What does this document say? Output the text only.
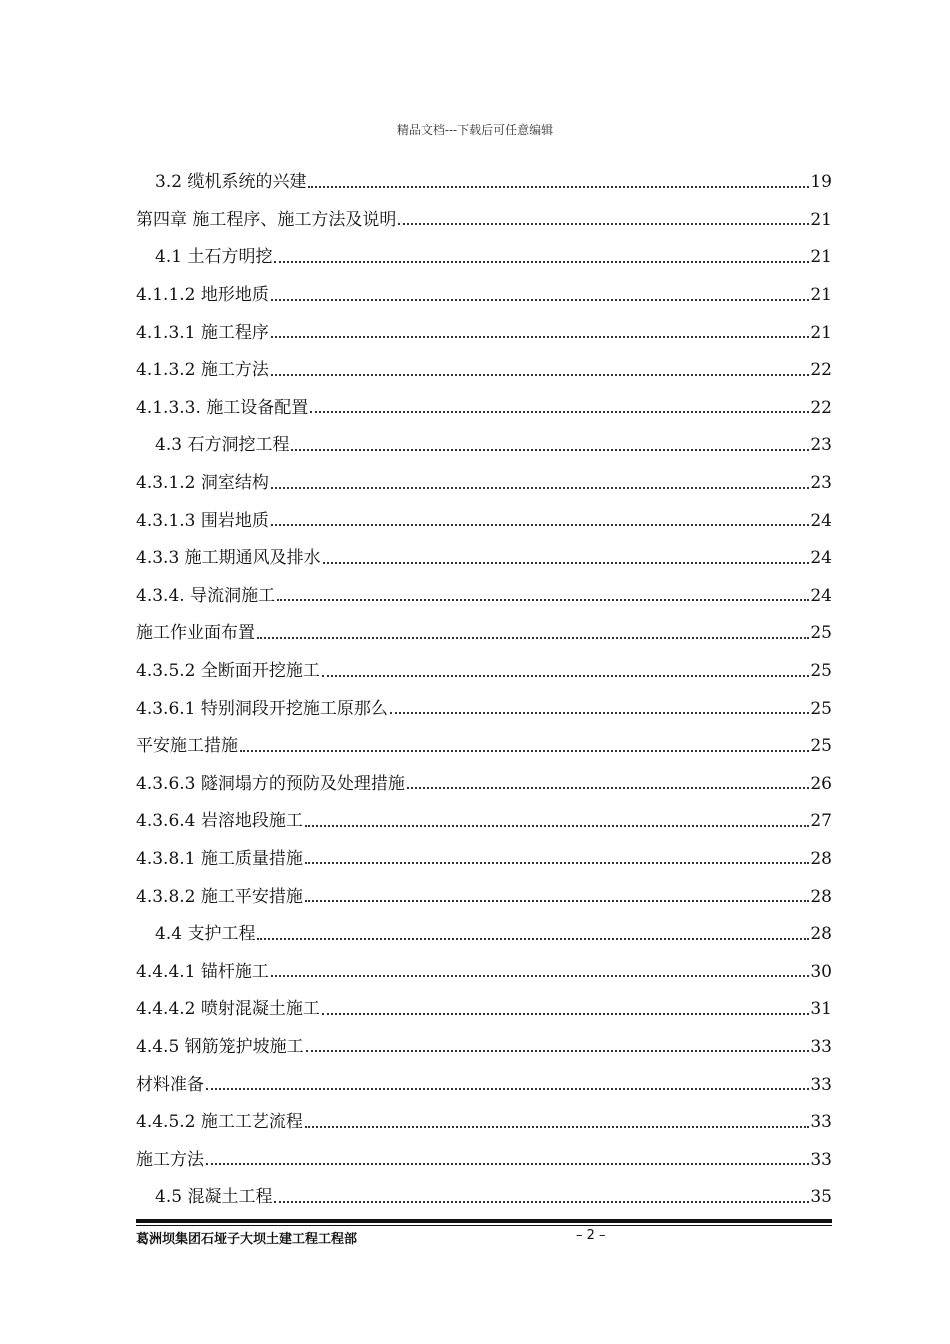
精品文档---下载后可任意编辑
3.2 缆机系统的兴建	19
第四章 施工程序、施工方法及说明	21
4.1 土石方明挖	21
4.1.1.2 地形地质	21
4.1.3.1 施工程序	21
4.1.3.2 施工方法	22
4.1.3.3. 施工设备配置	22
4.3 石方洞挖工程	23
4.3.1.2 洞室结构	23
4.3.1.3 围岩地质	24
4.3.3 施工期通风及排水	24
4.3.4. 导流洞施工	24
施工作业面布置	25
4.3.5.2 全断面开挖施工	25
4.3.6.1 特别洞段开挖施工原那么	25
平安施工措施	25
4.3.6.3 隧洞塌方的预防及处理措施	26
4.3.6.4 岩溶地段施工	27
4.3.8.1 施工质量措施	28
4.3.8.2 施工平安措施	28
4.4 支护工程	28
4.4.4.1 锚杆施工	30
4.4.4.2 喷射混凝土施工	31
4.4.5 钢筋笼护坡施工	33
材料准备	33
4.4.5.2 施工工艺流程	33
施工方法	33
4.5 混凝土工程	35
葛洲坝集团石垭子大坝土建工程工程部	– 2 –
